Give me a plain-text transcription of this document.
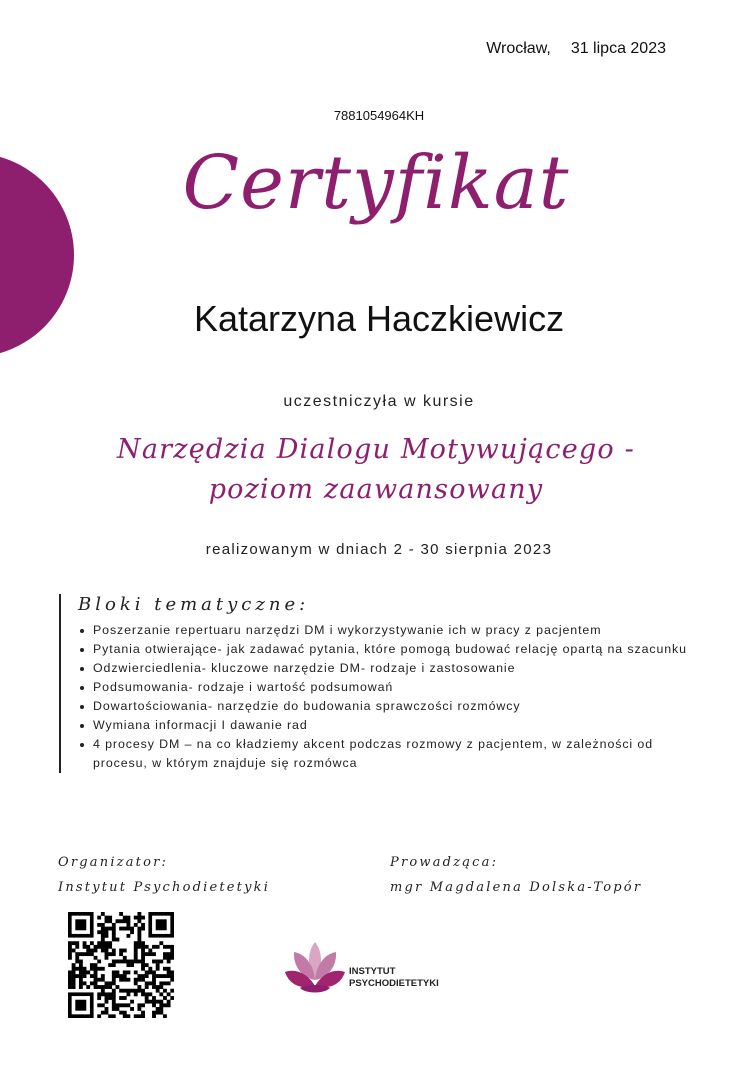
Wrocław, 31 lipca 2023
7881054964KH
Certyfikat
Katarzyna Haczkiewicz
uczestniczyła w kursie
Narzędzia Dialogu Motywującego -
poziom zaawansowany
realizowanym w dniach 2 - 30 sierpnia 2023
Bloki tematyczne:
Poszerzanie repertuaru narzędzi DM i wykorzystywanie ich w pracy z pacjentem
Pytania otwierające- jak zadawać pytania, które pomogą budować relację opartą na szacunku
Odzwierciedlenia- kluczowe narzędzie DM- rodzaje i zastosowanie
Podsumowania- rodzaje i wartość podsumowań
Dowartościowania- narzędzie do budowania sprawczości rozmówcy
Wymiana informacji I dawanie rad
4 procesy DM – na co kładziemy akcent podczas rozmowy z pacjentem, w zależności od procesu, w którym znajduje się rozmówca
Organizator:
Instytut Psychodietetyki
Prowadząca:
mgr Magdalena Dolska-Topór
INSTYTUT
PSYCHODIETETYKI
